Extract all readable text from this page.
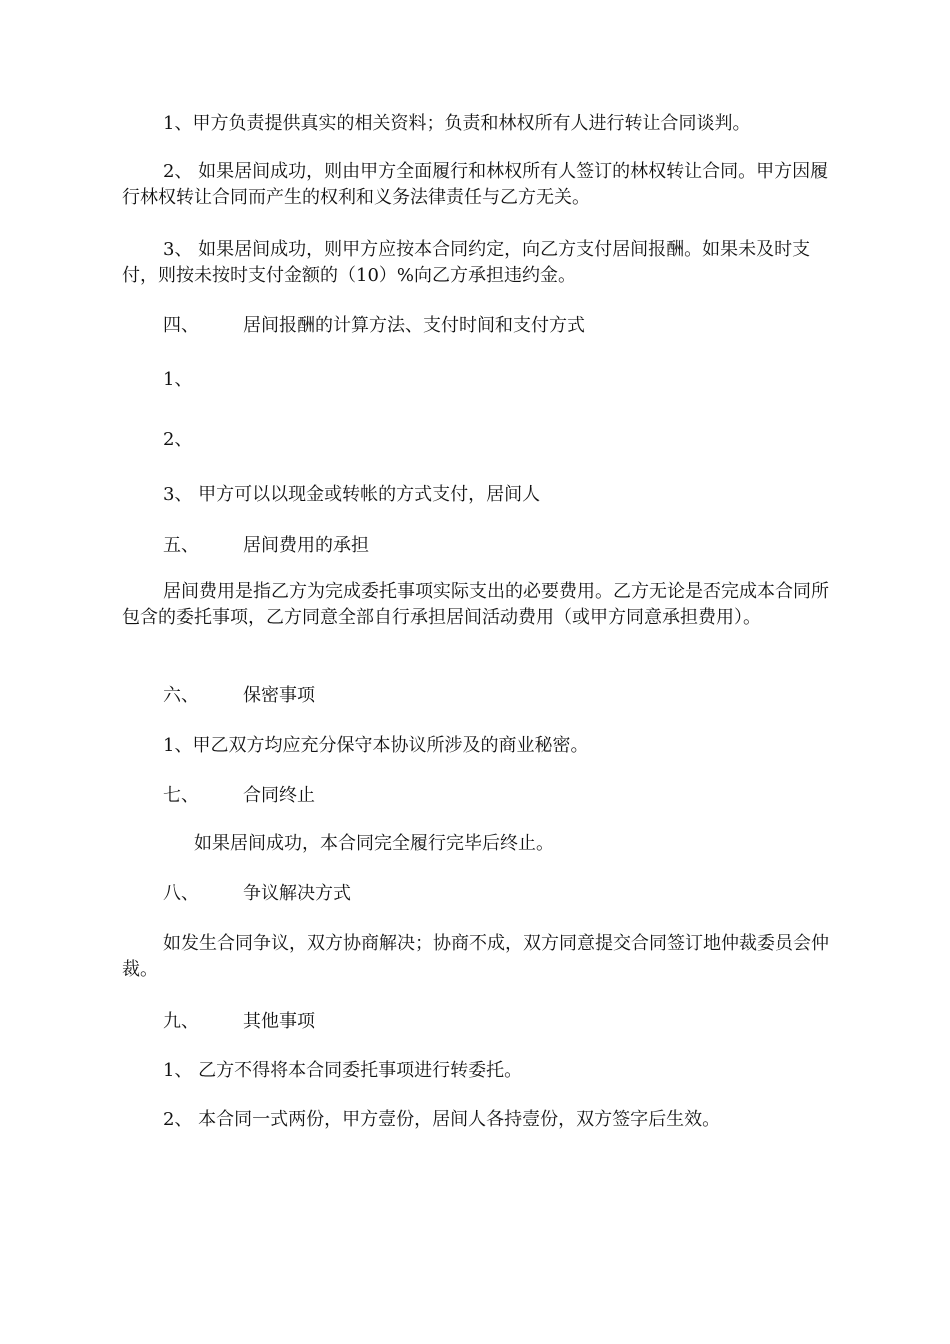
1、甲方负责提供真实的相关资料；负责和林权所有人进行转让合同谈判。
2、 如果居间成功，则由甲方全面履行和林权所有人签订的林权转让合同。甲方因履行林权转让合同而产生的权利和义务法律责任与乙方无关。
3、 如果居间成功，则甲方应按本合同约定，向乙方支付居间报酬。如果未及时支付，则按未按时支付金额的（10）%向乙方承担违约金。
四、 居间报酬的计算方法、支付时间和支付方式
1、
2、
3、 甲方可以以现金或转帐的方式支付，居间人
五、 居间费用的承担
居间费用是指乙方为完成委托事项实际支出的必要费用。乙方无论是否完成本合同所包含的委托事项，乙方同意全部自行承担居间活动费用（或甲方同意承担费用）。
六、 保密事项
1、甲乙双方均应充分保守本协议所涉及的商业秘密。
七、 合同终止
如果居间成功，本合同完全履行完毕后终止。
八、 争议解决方式
如发生合同争议，双方协商解决；协商不成，双方同意提交合同签订地仲裁委员会仲裁。
九、 其他事项
1、 乙方不得将本合同委托事项进行转委托。
2、 本合同一式两份，甲方壹份，居间人各持壹份，双方签字后生效。
